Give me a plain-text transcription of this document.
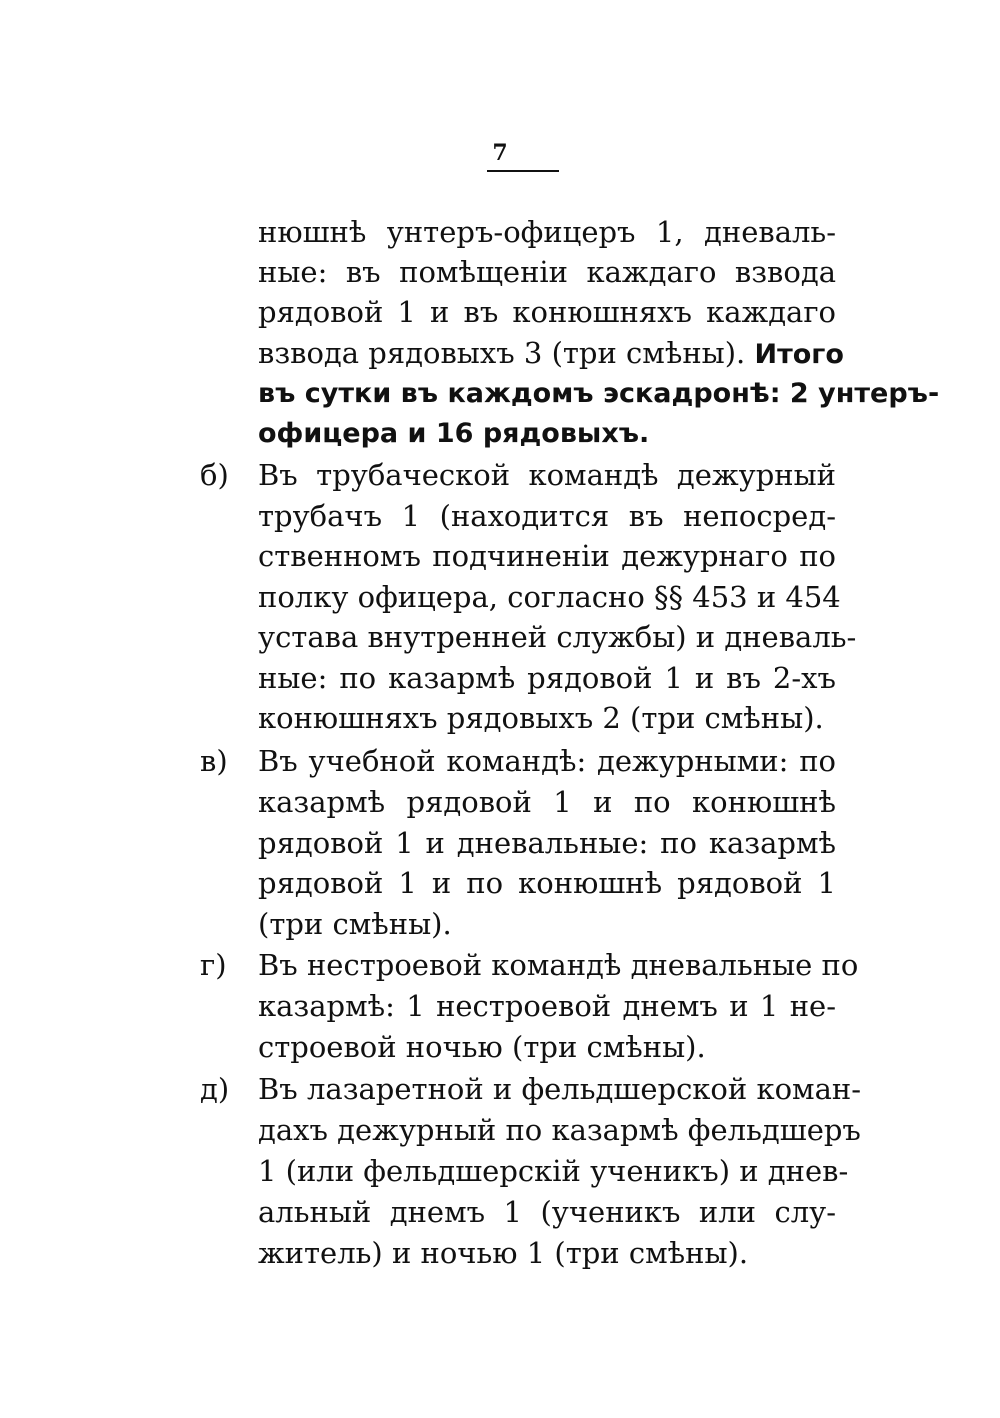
7
нюшнѣ унтеръ-офицеръ 1, дневаль-
ные: въ помѣщеніи каждаго взвода
рядовой 1 и въ конюшняхъ каждаго
взвода рядовыхъ 3 (три смѣны). Итого
въ сутки въ каждомъ эскадронѣ: 2 унтеръ-
офицера и 16 рядовыхъ.
б)	Въ трубаческой командѣ дежурный
трубачъ 1 (находится въ непосред-
ственномъ подчиненіи дежурнаго по
полку офицера, согласно §§ 453 и 454
устава внутренней службы) и дневаль-
ные: по казармѣ рядовой 1 и въ 2-хъ
конюшняхъ рядовыхъ 2 (три смѣны).
в)	Въ учебной командѣ: дежурными: по
казармѣ рядовой 1 и по конюшнѣ
рядовой 1 и дневальные: по казармѣ
рядовой 1 и по конюшнѣ рядовой 1
(три смѣны).
г)	Въ нестроевой командѣ дневальные по
казармѣ: 1 нестроевой днемъ и 1 не-
строевой ночью (три смѣны).
д) Въ лазаретной и фельдшерской коман-
дахъ дежурный по казармѣ фельдшеръ
1 (или фельдшерскій ученикъ) и днев-
альный днемъ 1 (ученикъ или слу-
житель) и ночью 1 (три смѣны).
